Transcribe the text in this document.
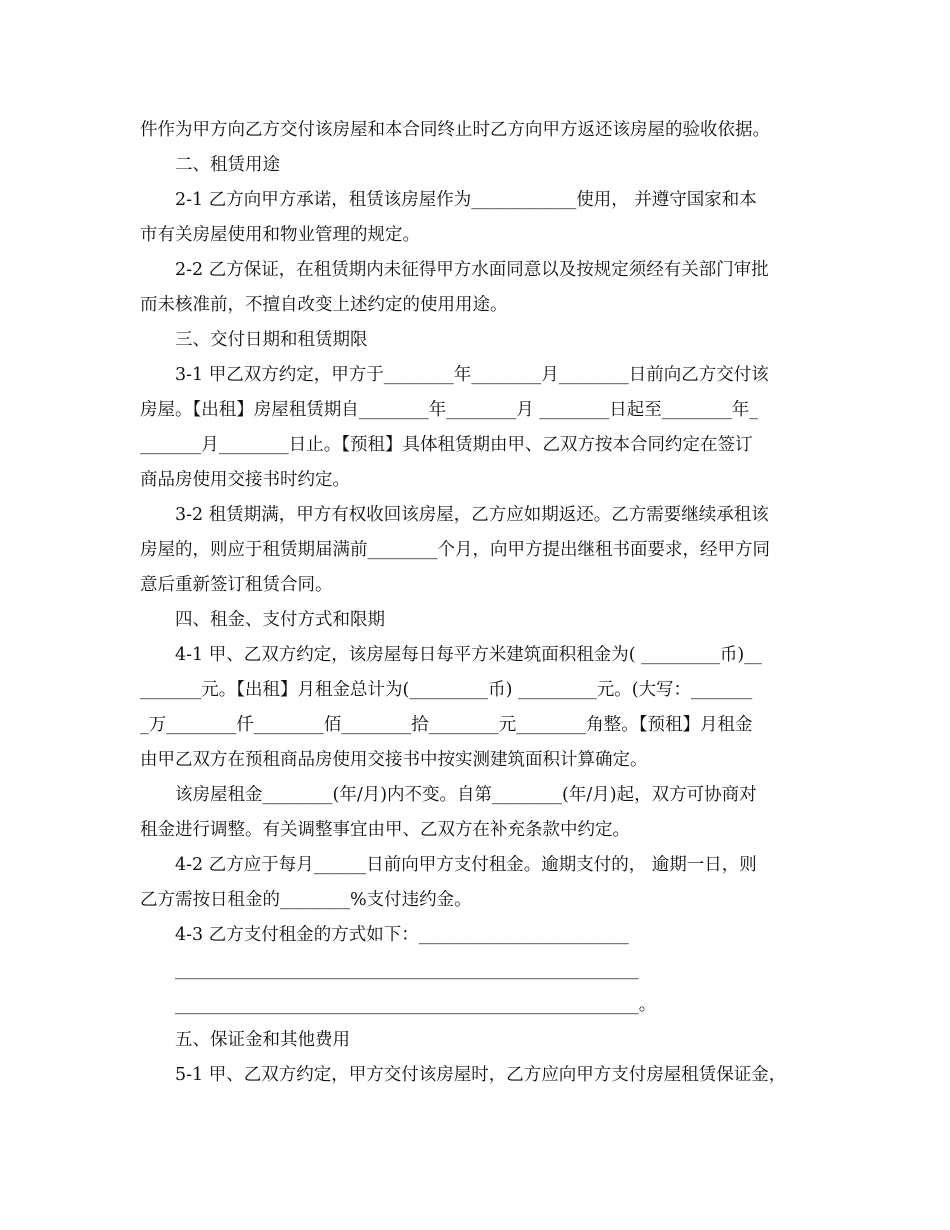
件作为甲方向乙方交付该房屋和本合同终止时乙方向甲方返还该房屋的验收依据。
二、租赁用途
2-1 乙方向甲方承诺，租赁该房屋作为____________使用， 并遵守国家和本
市有关房屋使用和物业管理的规定。
2-2 乙方保证，在租赁期内未征得甲方水面同意以及按规定须经有关部门审批
而未核准前，不擅自改变上述约定的使用用途。
三、交付日期和租赁期限
3-1 甲乙双方约定，甲方于________年________月________日前向乙方交付该
房屋。【出租】房屋租赁期自________年________月 ________日起至________年_
_______月________日止。【预租】具体租赁期由甲、乙双方按本合同约定在签订
商品房使用交接书时约定。
3-2 租赁期满，甲方有权收回该房屋，乙方应如期返还。乙方需要继续承租该
房屋的，则应于租赁期届满前________个月，向甲方提出继租书面要求，经甲方同
意后重新签订租赁合同。
四、租金、支付方式和限期
4-1 甲、乙双方约定，该房屋每日每平方米建筑面积租金为( _________币)__
_______元。【出租】月租金总计为(_________币) _________元。(大写：_______
_万________仟________佰________拾________元________角整。【预租】月租金
由甲乙双方在预租商品房使用交接书中按实测建筑面积计算确定。
该房屋租金________(年/月)内不变。自第________(年/月)起，双方可协商对
租金进行调整。有关调整事宜由甲、乙双方在补充条款中约定。
4-2 乙方应于每月______日前向甲方支付租金。逾期支付的， 逾期一日，则
乙方需按日租金的________%支付违约金。
4-3 乙方支付租金的方式如下：________________________
_____________________________________________________
_____________________________________________________。
五、保证金和其他费用
5-1 甲、乙双方约定，甲方交付该房屋时，乙方应向甲方支付房屋租赁保证金，
